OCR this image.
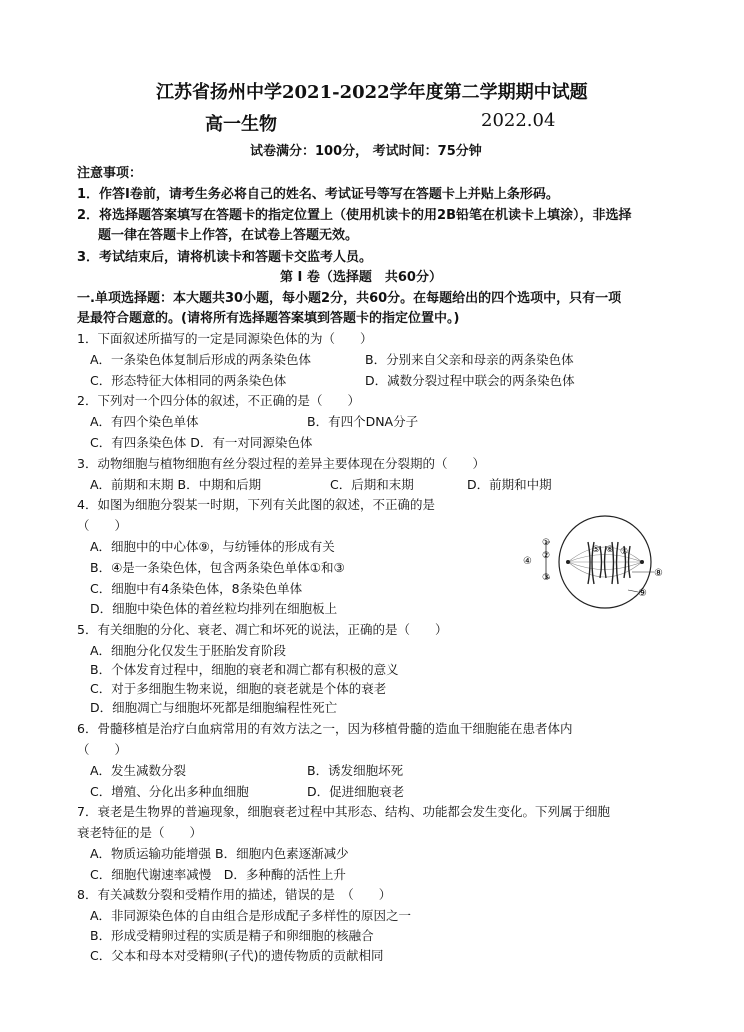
江苏省扬州中学2021-2022学年度第二学期期中试题
高一生物	2022.04
试卷满分：100分， 考试时间：75分钟
注意事项：
1．作答Ⅰ卷前，请考生务必将自己的姓名、考试证号等写在答题卡上并贴上条形码。
2．将选择题答案填写在答题卡的指定位置上（使用机读卡的用2B铅笔在机读卡上填涂），非选择
题一律在答题卡上作答，在试卷上答题无效。
3．考试结束后，请将机读卡和答题卡交监考人员。
第 Ⅰ 卷（选择题　共60分）
一.单项选择题：本大题共30小题，每小题2分，共60分。在每题给出的四个选项中，只有一项
是最符合题意的。(请将所有选择题答案填到答题卡的指定位置中。)
1．下面叙述所描写的一定是同源染色体的为（　　）
A．一条染色体复制后形成的两条染色体	B．分别来自父亲和母亲的两条染色体
C．形态特征大体相同的两条染色体	D．减数分裂过程中联会的两条染色体
2．下列对一个四分体的叙述，不正确的是（　　）
A．有四个染色单体	B．有四个DNA分子
C．有四条染色体 D．有一对同源染色体
3．动物细胞与植物细胞有丝分裂过程的差异主要体现在分裂期的（　　）
A．前期和末期 B．中期和后期	C．后期和末期	D．前期和中期
4．如图为细胞分裂某一时期，下列有关此图的叙述，不正确的是
（　　）
A．细胞中的中心体⑨，与纺锤体的形成有关
B．④是一条染色体，包含两条染色单体①和③
C．细胞中有4条染色体，8条染色单体
D．细胞中染色体的着丝粒均排列在细胞板上
①
②
③
④
⑤ ⑥ ⑦
⑧
⑨
5．有关细胞的分化、衰老、凋亡和坏死的说法，正确的是（　　）
A．细胞分化仅发生于胚胎发育阶段
B．个体发育过程中，细胞的衰老和凋亡都有积极的意义
C．对于多细胞生物来说，细胞的衰老就是个体的衰老
D．细胞凋亡与细胞坏死都是细胞编程性死亡
6．骨髓移植是治疗白血病常用的有效方法之一，因为移植骨髓的造血干细胞能在患者体内
（　　）
A．发生减数分裂	B．诱发细胞坏死
C．增殖、分化出多种血细胞	D．促进细胞衰老
7．衰老是生物界的普遍现象，细胞衰老过程中其形态、结构、功能都会发生变化。下列属于细胞
衰老特征的是（　　）
A．物质运输功能增强 B．细胞内色素逐渐减少
C．细胞代谢速率减慢　D．多种酶的活性上升
8．有关减数分裂和受精作用的描述，错误的是　（　　）
A．非同源染色体的自由组合是形成配子多样性的原因之一
B．形成受精卵过程的实质是精子和卵细胞的核融合
C．父本和母本对受精卵(子代)的遗传物质的贡献相同
